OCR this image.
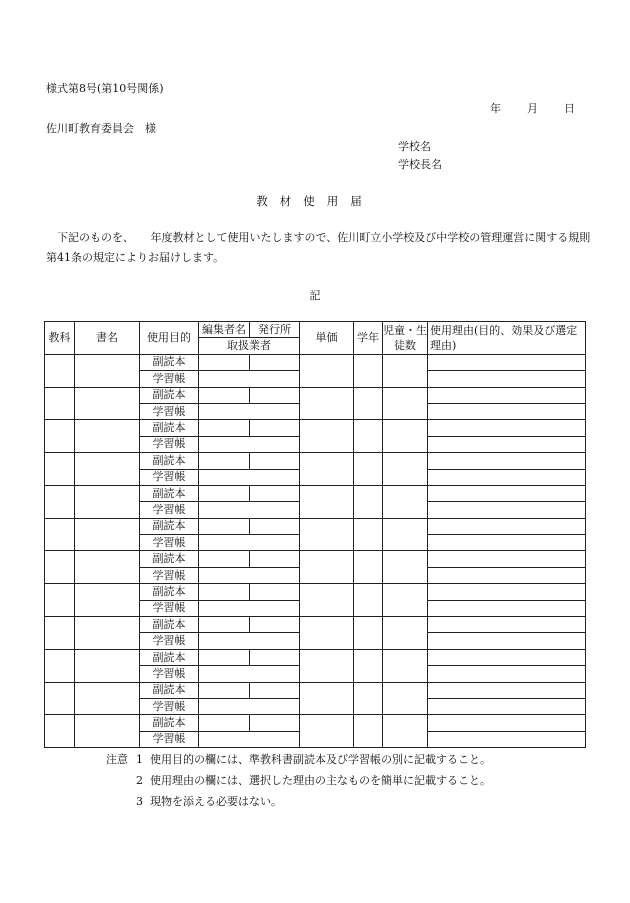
様式第8号(第10号関係)
年 月 日
佐川町教育委員会　様
学校名
学校長名
教材使用届
　下記のものを、　　年度教材として使用いたしますので、佐川町立小学校及び中学校の管理運営に関する規則第41条の規定によりお届けします。
記
教科	書名	使用目的	編集者名	発行所	単価	学年	児童・生徒数	使用理由(目的、効果及び選定理由)
			取扱業者					
		副読本						
		学習帳						
		副読本						
		学習帳						
		副読本						
		学習帳						
		副読本						
		学習帳						
		副読本						
		学習帳						
		副読本						
		学習帳						
		副読本						
		学習帳						
		副読本						
		学習帳						
		副読本						
		学習帳						
		副読本						
		学習帳						
		副読本						
		学習帳						
		副読本						
		学習帳						
注意 1 使用目的の欄には、準教科書副読本及び学習帳の別に記載すること。
2 使用理由の欄には、選択した理由の主なものを簡単に記載すること。
3 現物を添える必要はない。
